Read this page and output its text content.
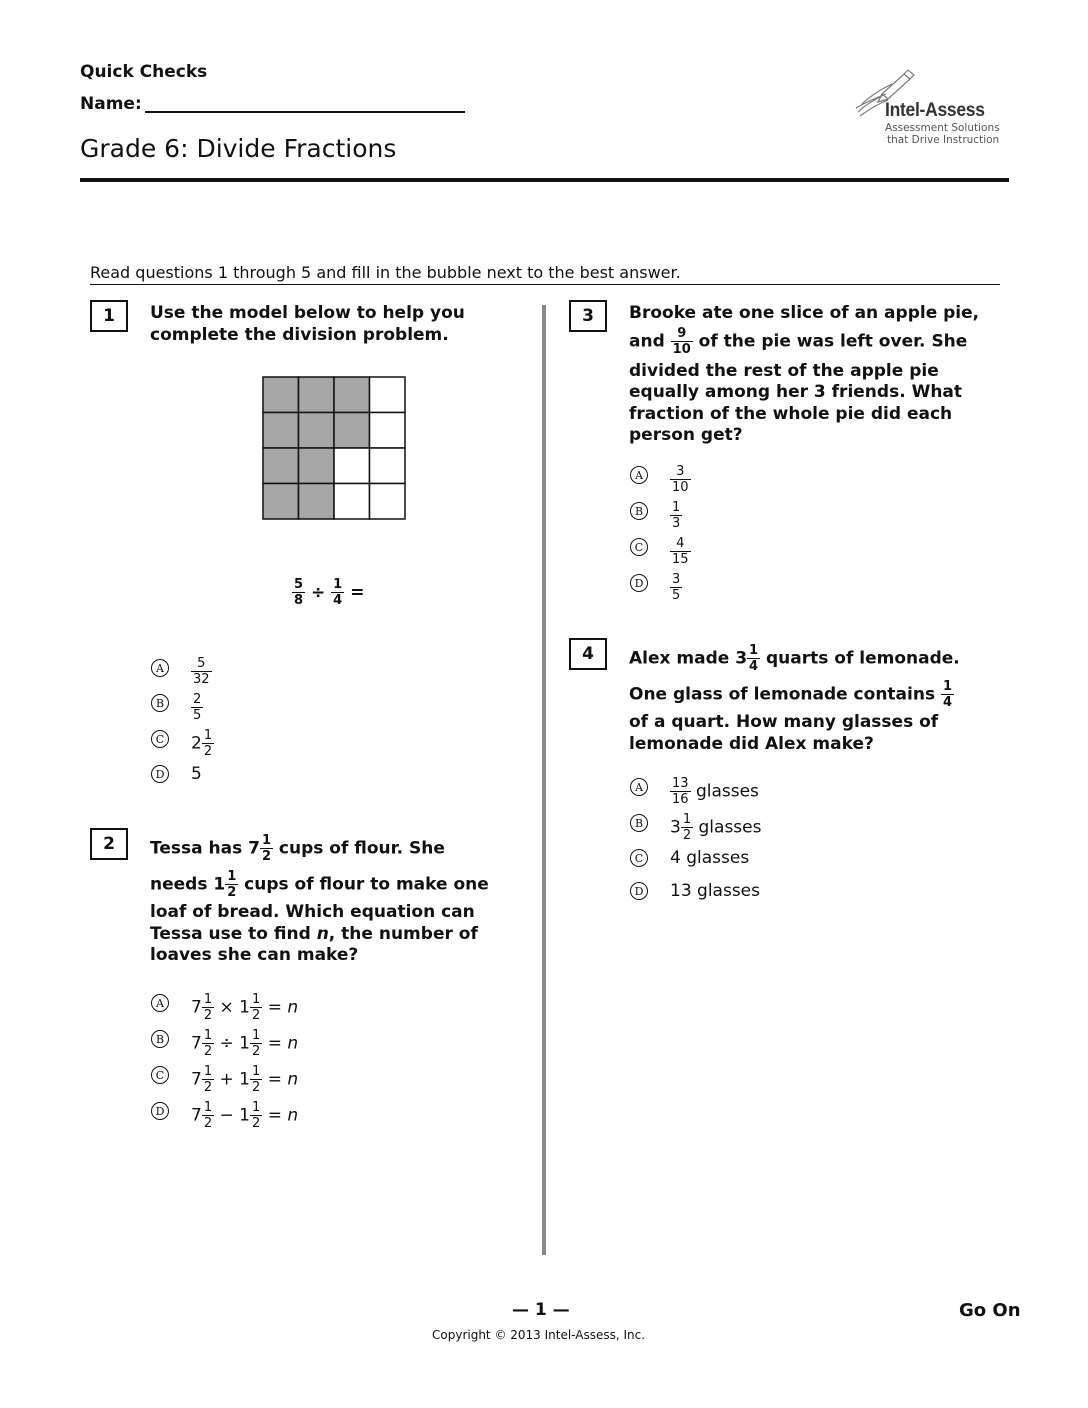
Quick Checks
Name:
Grade 6: Divide Fractions
Intel-Assess
Assessment Solutions
that Drive Instruction
Read questions 1 through 5 and fill in the bubble next to the best answer.
1	Use the model below to help you
complete the division problem.
$\frac{5}{8} \div \frac{1}{4}$ =
A	$\frac{5}{32}$
B	$\frac{2}{5}$
C $2 \frac{1}{2}$
D 5
2	Tessa has $7 \frac{1}{2}$ cups of flour. She
needs $1 \frac{1}{2}$ cups of flour to make one
loaf of bread. Which equation can
Tessa use to find n, the number of
loaves she can make?
A $7 \frac{1}{2} \times 1 \frac{1}{2} = n$
B $7 \frac{1}{2} \div 1 \frac{1}{2} = n$
C $7 \frac{1}{2} + 1 \frac{1}{2} = n$
D $7 \frac{1}{2} - 1 \frac{1}{2} = n$
3	Brooke ate one slice of an apple pie,
and $\frac{9}{10}$ of the pie was left over. She
divided the rest of the apple pie
equally among her 3 friends. What
fraction of the whole pie did each
person get?
A	$\frac{3}{10}$
B	$\frac{1}{3}$
C	$\frac{4}{15}$
D	$\frac{3}{5}$
4	Alex made $3 \frac{1}{4}$ quarts of lemonade.
One glass of lemonade contains $\frac{1}{4}$
of a quart. How many glasses of
lemonade did Alex make?
A	$\frac{13}{16}$ glasses
B $3 \frac{1}{2}$ glasses
C 4 glasses
D 13 glasses
— 1 —	Go On
Copyright © 2013 Intel-Assess, Inc.
